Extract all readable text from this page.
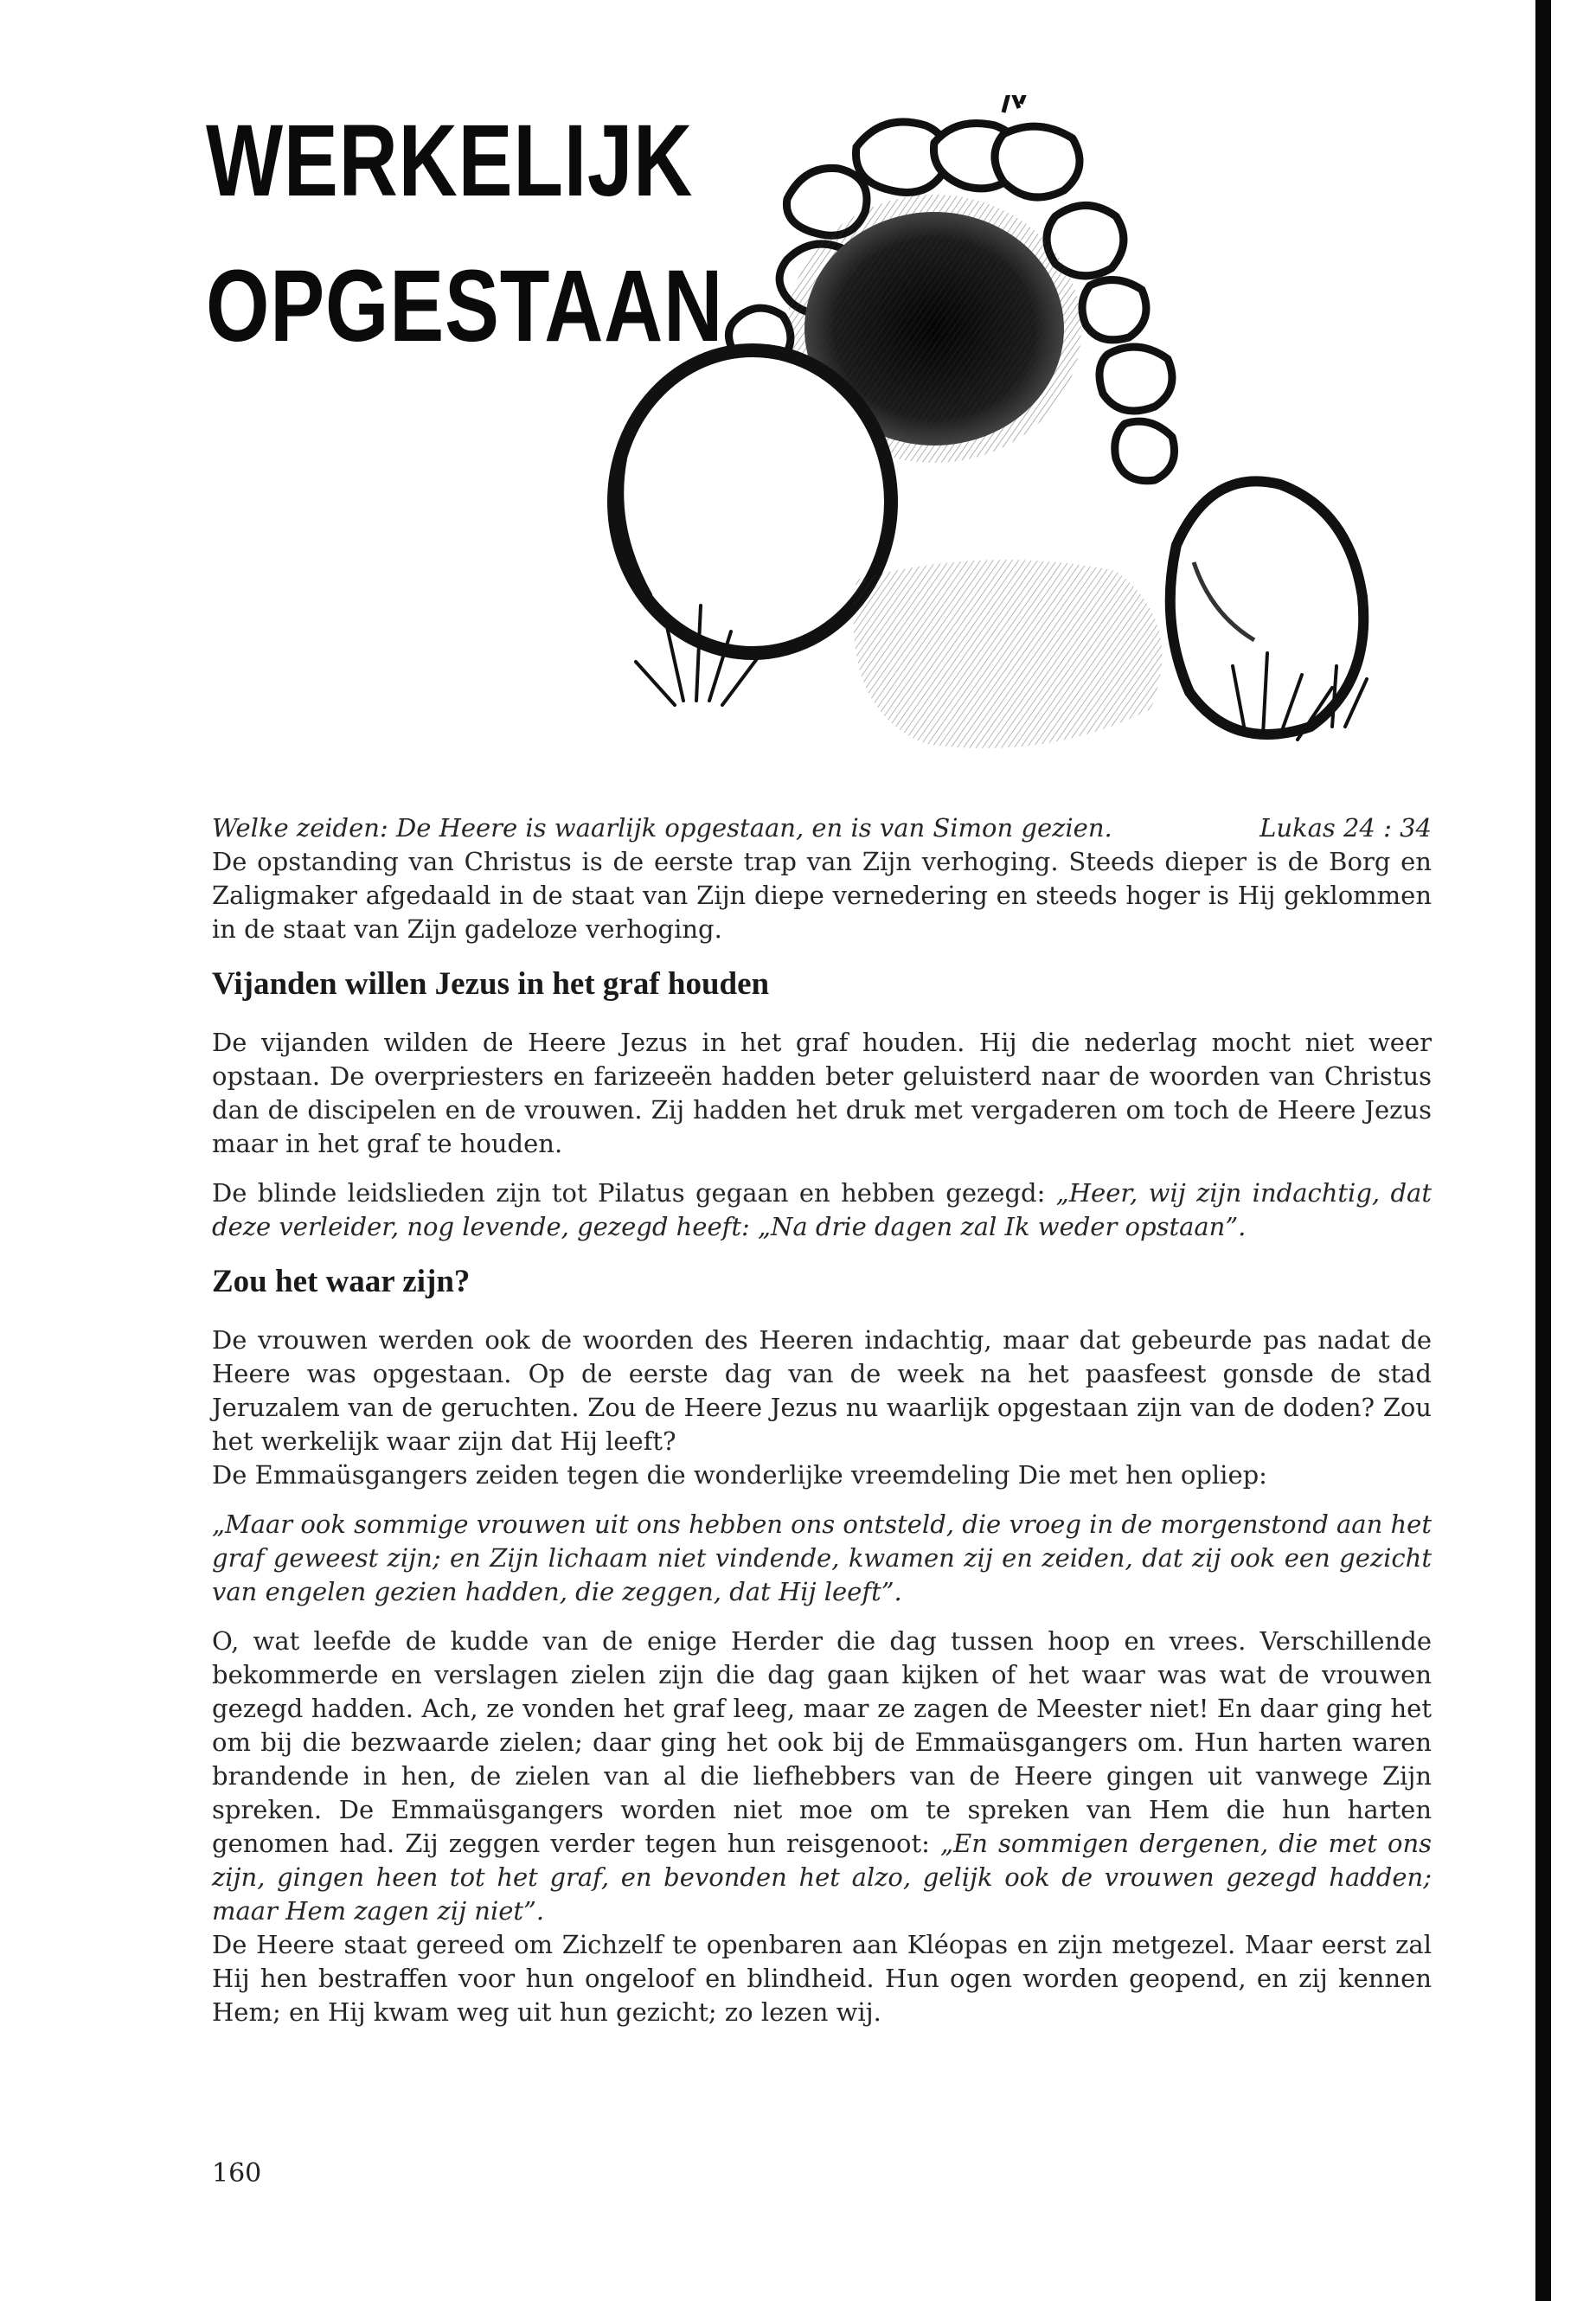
WERKELIJK
OPGESTAAN
Welke zeiden: De Heere is waarlijk opgestaan, en is van Simon gezien.	Lukas 24 : 34

De opstanding van Christus is de eerste trap van Zijn verhoging. Steeds dieper is de Borg en Zaligmaker afgedaald in de staat van Zijn diepe vernedering en steeds hoger is Hij geklommen in de staat van Zijn gadeloze verhoging.

Vijanden willen Jezus in het graf houden

De vijanden wilden de Heere Jezus in het graf houden. Hij die nederlag mocht niet weer opstaan. De overpriesters en farizeeën hadden beter geluisterd naar de woorden van Christus dan de discipelen en de vrouwen. Zij hadden het druk met vergaderen om toch de Heere Jezus maar in het graf te houden.

De blinde leidslieden zijn tot Pilatus gegaan en hebben gezegd: „Heer, wij zijn indachtig, dat deze verleider, nog levende, gezegd heeft: „Na drie dagen zal Ik weder opstaan”.

Zou het waar zijn?

De vrouwen werden ook de woorden des Heeren indachtig, maar dat gebeurde pas nadat de Heere was opgestaan. Op de eerste dag van de week na het paasfeest gonsde de stad Jeruzalem van de geruchten. Zou de Heere Jezus nu waarlijk opgestaan zijn van de doden? Zou het werkelijk waar zijn dat Hij leeft?

De Emmaüsgangers zeiden tegen die wonderlijke vreemdeling Die met hen opliep:

„Maar ook sommige vrouwen uit ons hebben ons ontsteld, die vroeg in de morgenstond aan het graf geweest zijn; en Zijn lichaam niet vindende, kwamen zij en zeiden, dat zij ook een gezicht van engelen gezien hadden, die zeggen, dat Hij leeft”.

O, wat leefde de kudde van de enige Herder die dag tussen hoop en vrees. Verschillende bekommerde en verslagen zielen zijn die dag gaan kijken of het waar was wat de vrouwen gezegd hadden. Ach, ze vonden het graf leeg, maar ze zagen de Meester niet! En daar ging het om bij die bezwaarde zielen; daar ging het ook bij de Emmaüsgangers om. Hun harten waren brandende in hen, de zielen van al die liefhebbers van de Heere gingen uit vanwege Zijn spreken. De Emmaüsgangers worden niet moe om te spreken van Hem die hun harten genomen had. Zij zeggen verder tegen hun reisgenoot: „En sommigen dergenen, die met ons zijn, gingen heen tot het graf, en bevonden het alzo, gelijk ook de vrouwen gezegd hadden; maar Hem zagen zij niet”.

De Heere staat gereed om Zichzelf te openbaren aan Kléopas en zijn metgezel. Maar eerst zal Hij hen bestraffen voor hun ongeloof en blindheid. Hun ogen worden geopend, en zij kennen Hem; en Hij kwam weg uit hun gezicht; zo lezen wij.

160
